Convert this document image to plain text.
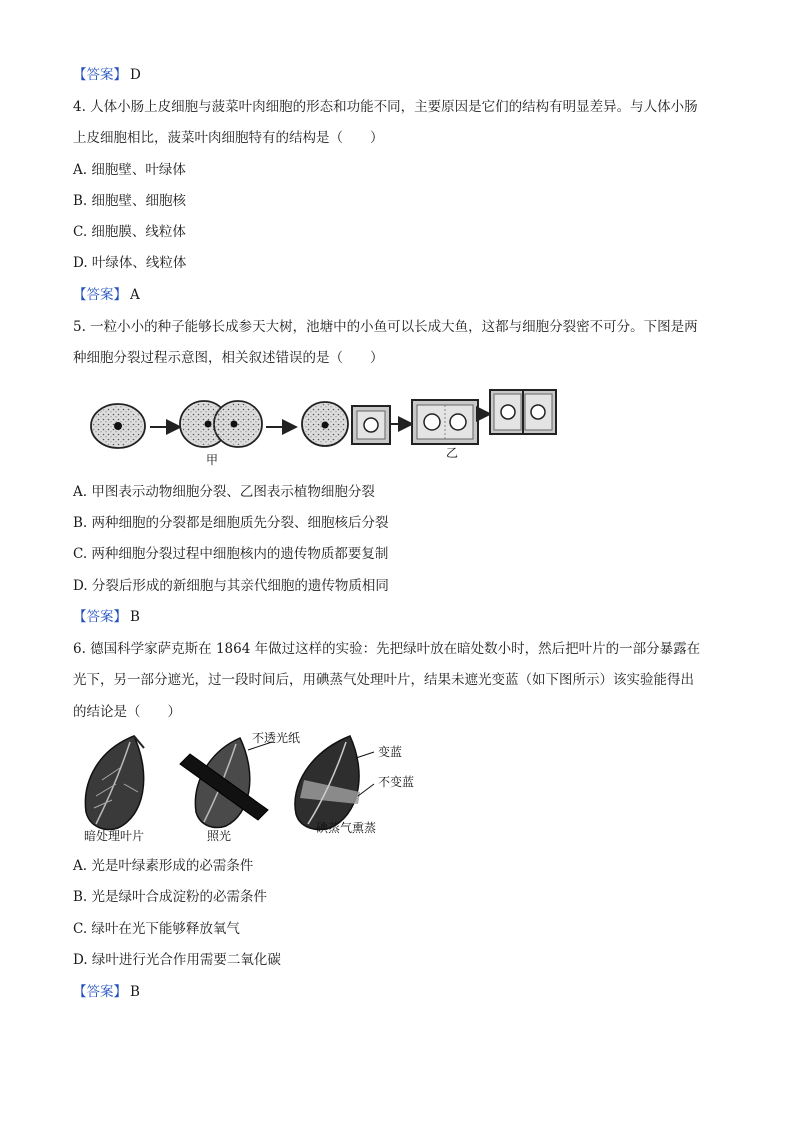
【答案】 D
4. 人体小肠上皮细胞与菠菜叶肉细胞的形态和功能不同，主要原因是它们的结构有明显差异。与人体小肠
上皮细胞相比，菠菜叶肉细胞特有的结构是（　　）
A. 细胞壁、叶绿体
B. 细胞壁、细胞核
C. 细胞膜、线粒体
D. 叶绿体、线粒体
【答案】 A
5. 一粒小小的种子能够长成参天大树，池塘中的小鱼可以长成大鱼，这都与细胞分裂密不可分。下图是两
种细胞分裂过程示意图，相关叙述错误的是（　　）
甲	乙
A. 甲图表示动物细胞分裂、乙图表示植物细胞分裂
B. 两种细胞的分裂都是细胞质先分裂、细胞核后分裂
C. 两种细胞分裂过程中细胞核内的遗传物质都要复制
D. 分裂后形成的新细胞与其亲代细胞的遗传物质相同
【答案】 B
6. 德国科学家萨克斯在 1864 年做过这样的实验：先把绿叶放在暗处数小时，然后把叶片的一部分暴露在
光下，另一部分遮光，过一段时间后，用碘蒸气处理叶片，结果未遮光变蓝（如下图所示）该实验能得出
的结论是（　　）
暗处理叶片
不透光纸
照光
变蓝
不变蓝
碘蒸气熏蒸
A. 光是叶绿素形成的必需条件
B. 光是绿叶合成淀粉的必需条件
C. 绿叶在光下能够释放氧气
D. 绿叶进行光合作用需要二氧化碳
【答案】 B
